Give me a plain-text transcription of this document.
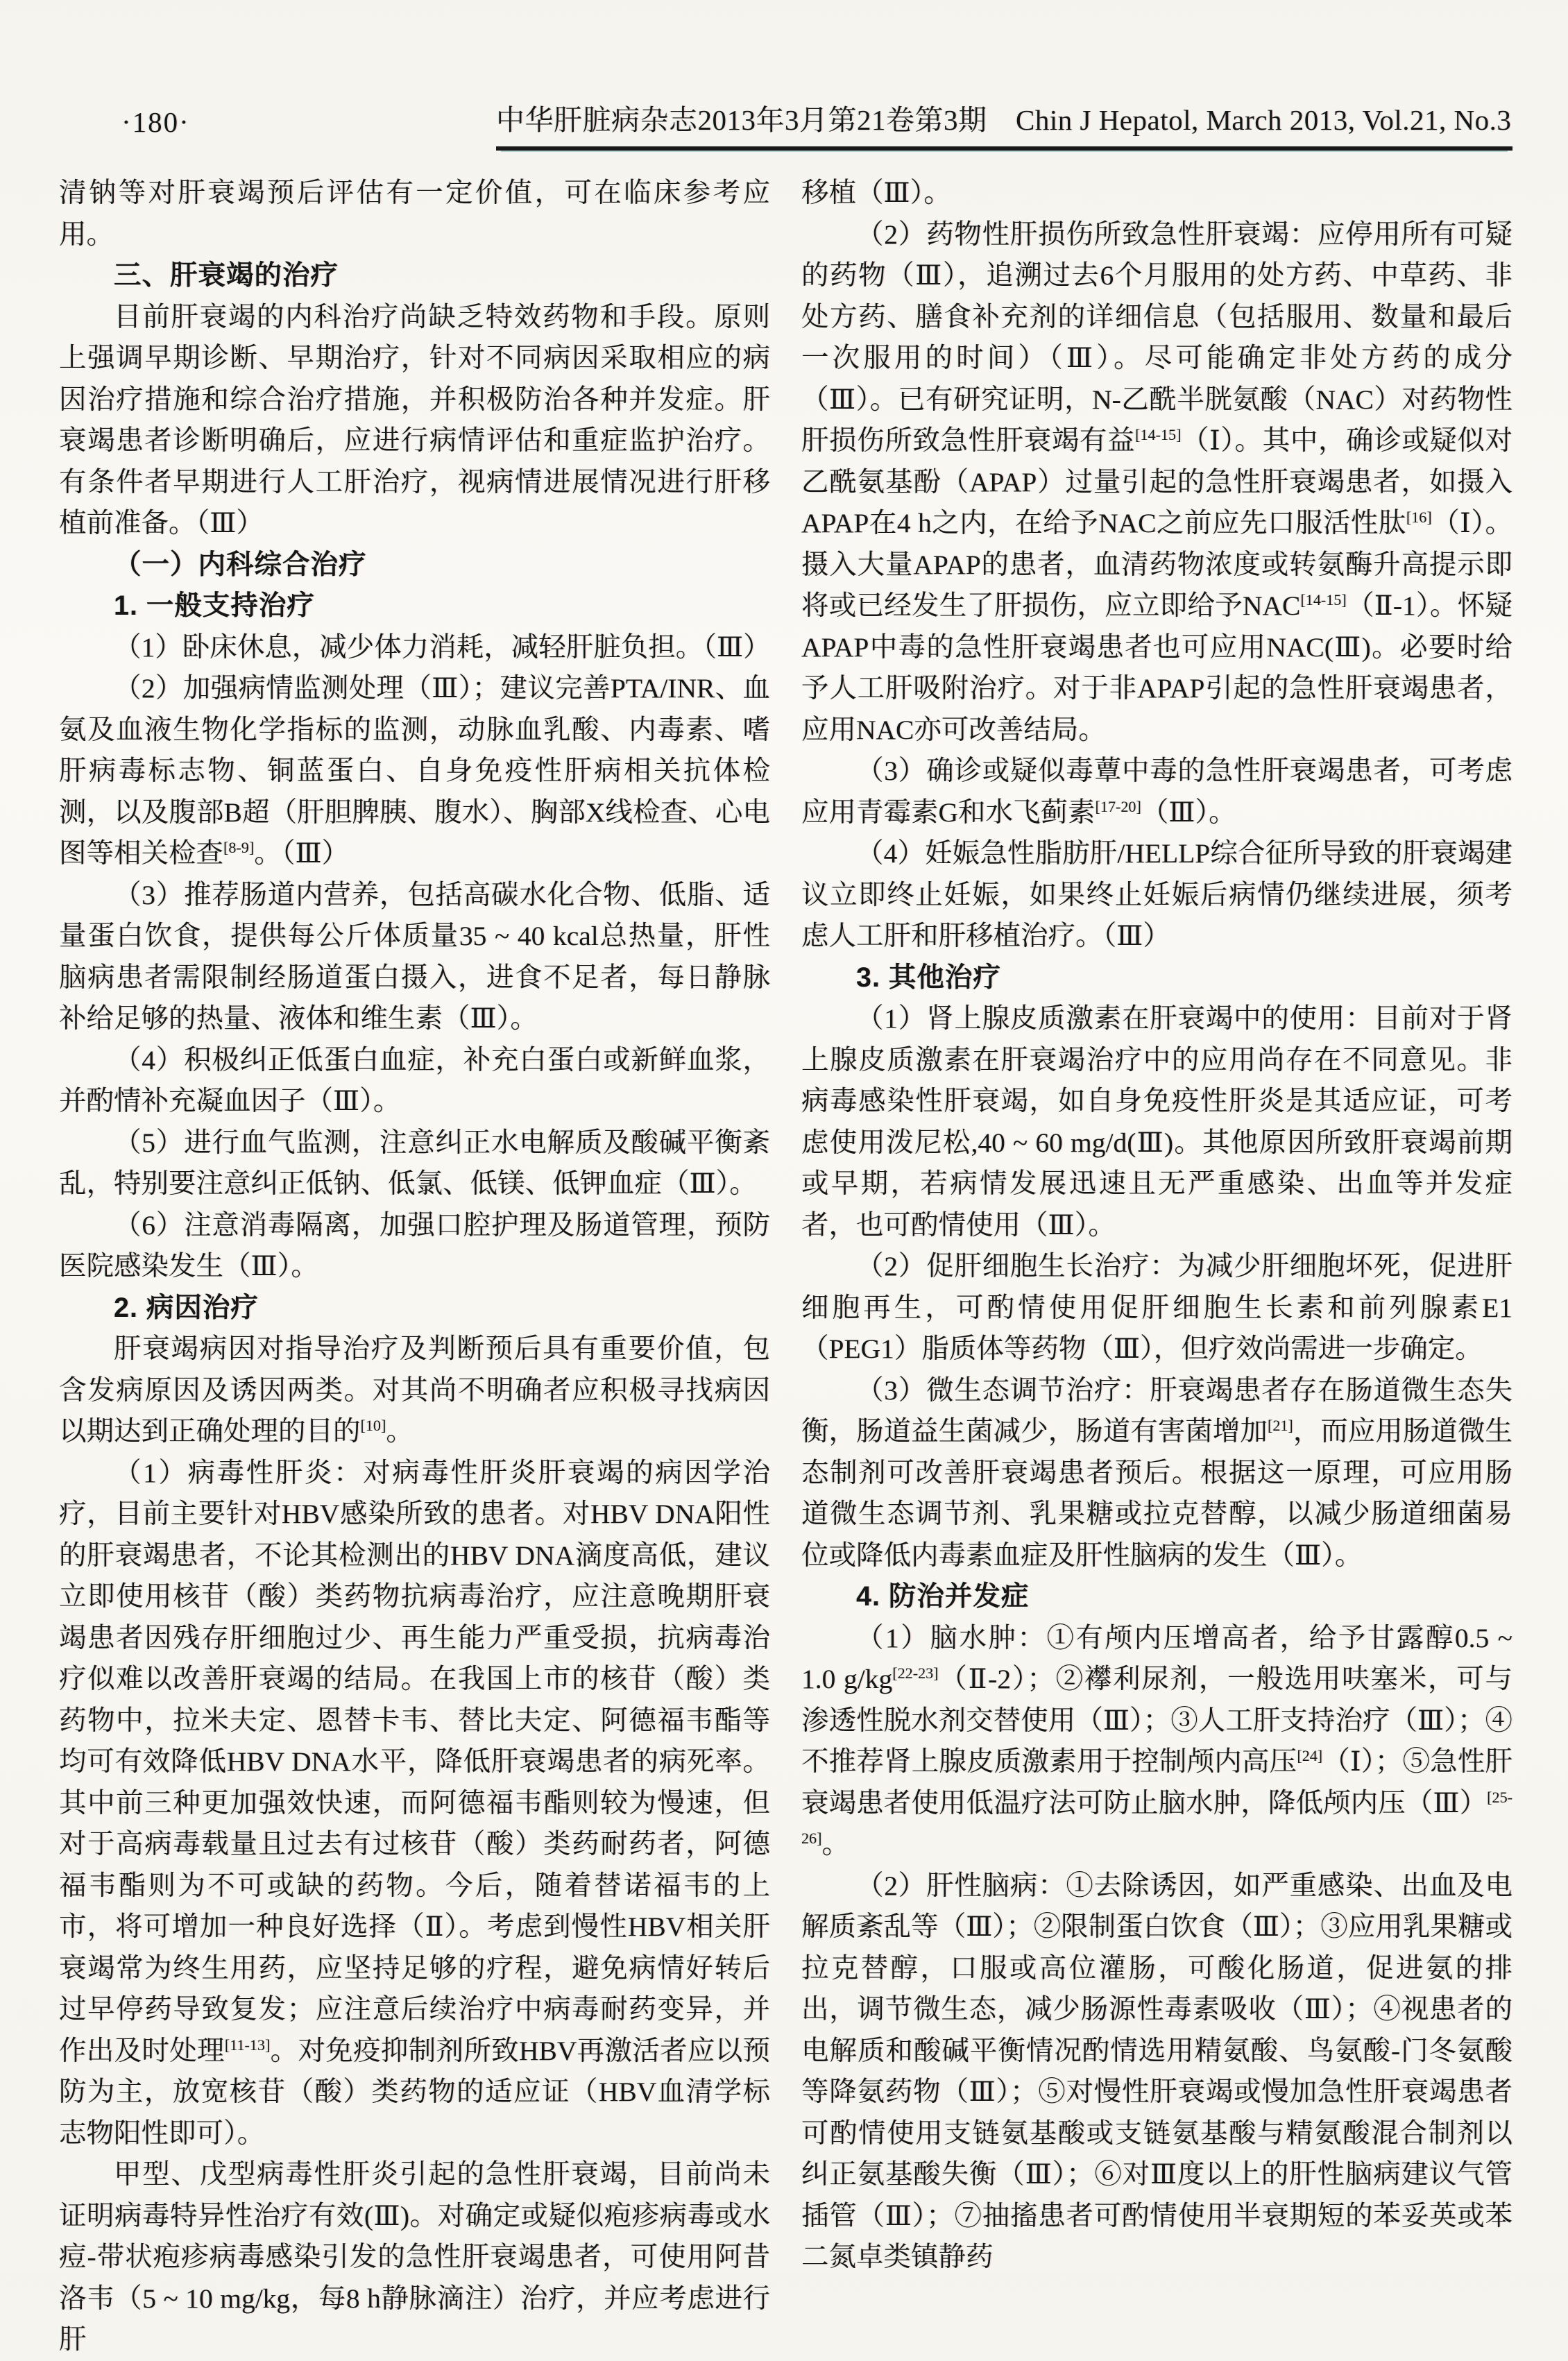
·180·	中华肝脏病杂志2013年3月第21卷第3期　Chin J Hepatol, March 2013, Vol.21, No.3

清钠等对肝衰竭预后评估有一定价值，可在临床参考应用。

三、肝衰竭的治疗

目前肝衰竭的内科治疗尚缺乏特效药物和手段。原则上强调早期诊断、早期治疗，针对不同病因采取相应的病因治疗措施和综合治疗措施，并积极防治各种并发症。肝衰竭患者诊断明确后，应进行病情评估和重症监护治疗。有条件者早期进行人工肝治疗，视病情进展情况进行肝移植前准备。（Ⅲ）

（一）内科综合治疗

1. 一般支持治疗

（1）卧床休息，减少体力消耗，减轻肝脏负担。（Ⅲ）

（2）加强病情监测处理（Ⅲ）；建议完善PTA/INR、血氨及血液生物化学指标的监测，动脉血乳酸、内毒素、嗜肝病毒标志物、铜蓝蛋白、自身免疫性肝病相关抗体检测，以及腹部B超（肝胆脾胰、腹水）、胸部X线检查、心电图等相关检查[8-9]。（Ⅲ）

（3）推荐肠道内营养，包括高碳水化合物、低脂、适量蛋白饮食，提供每公斤体质量35 ~ 40 kcal总热量，肝性脑病患者需限制经肠道蛋白摄入，进食不足者，每日静脉补给足够的热量、液体和维生素（Ⅲ）。

（4）积极纠正低蛋白血症，补充白蛋白或新鲜血浆，并酌情补充凝血因子（Ⅲ）。

（5）进行血气监测，注意纠正水电解质及酸碱平衡紊乱，特别要注意纠正低钠、低氯、低镁、低钾血症（Ⅲ）。

（6）注意消毒隔离，加强口腔护理及肠道管理，预防医院感染发生（Ⅲ）。

2. 病因治疗

肝衰竭病因对指导治疗及判断预后具有重要价值，包含发病原因及诱因两类。对其尚不明确者应积极寻找病因以期达到正确处理的目的[10]。

（1）病毒性肝炎：对病毒性肝炎肝衰竭的病因学治疗，目前主要针对HBV感染所致的患者。对HBV DNA阳性的肝衰竭患者，不论其检测出的HBV DNA滴度高低，建议立即使用核苷（酸）类药物抗病毒治疗，应注意晚期肝衰竭患者因残存肝细胞过少、再生能力严重受损，抗病毒治疗似难以改善肝衰竭的结局。在我国上市的核苷（酸）类药物中，拉米夫定、恩替卡韦、替比夫定、阿德福韦酯等均可有效降低HBV DNA水平，降低肝衰竭患者的病死率。其中前三种更加强效快速，而阿德福韦酯则较为慢速，但对于高病毒载量且过去有过核苷（酸）类药耐药者，阿德福韦酯则为不可或缺的药物。今后，随着替诺福韦的上市，将可增加一种良好选择（Ⅱ）。考虑到慢性HBV相关肝衰竭常为终生用药，应坚持足够的疗程，避免病情好转后过早停药导致复发；应注意后续治疗中病毒耐药变异，并作出及时处理[11-13]。对免疫抑制剂所致HBV再激活者应以预防为主，放宽核苷（酸）类药物的适应证（HBV血清学标志物阳性即可）。

甲型、戊型病毒性肝炎引起的急性肝衰竭，目前尚未证明病毒特异性治疗有效(Ⅲ)。对确定或疑似疱疹病毒或水痘-带状疱疹病毒感染引发的急性肝衰竭患者，可使用阿昔洛韦（5 ~ 10 mg/kg，每8 h静脉滴注）治疗，并应考虑进行肝

移植（Ⅲ）。

（2）药物性肝损伤所致急性肝衰竭：应停用所有可疑的药物（Ⅲ），追溯过去6个月服用的处方药、中草药、非处方药、膳食补充剂的详细信息（包括服用、数量和最后一次服用的时间）（Ⅲ）。尽可能确定非处方药的成分（Ⅲ）。已有研究证明，N-乙酰半胱氨酸（NAC）对药物性肝损伤所致急性肝衰竭有益[14-15]（Ⅰ）。其中，确诊或疑似对乙酰氨基酚（APAP）过量引起的急性肝衰竭患者，如摄入APAP在4 h之内，在给予NAC之前应先口服活性肽[16]（Ⅰ）。摄入大量APAP的患者，血清药物浓度或转氨酶升高提示即将或已经发生了肝损伤，应立即给予NAC[14-15]（Ⅱ-1）。怀疑APAP中毒的急性肝衰竭患者也可应用NAC(Ⅲ)。必要时给予人工肝吸附治疗。对于非APAP引起的急性肝衰竭患者，应用NAC亦可改善结局。

（3）确诊或疑似毒蕈中毒的急性肝衰竭患者，可考虑应用青霉素G和水飞蓟素[17-20]（Ⅲ）。

（4）妊娠急性脂肪肝/HELLP综合征所导致的肝衰竭建议立即终止妊娠，如果终止妊娠后病情仍继续进展，须考虑人工肝和肝移植治疗。（Ⅲ）

3. 其他治疗

（1）肾上腺皮质激素在肝衰竭中的使用：目前对于肾上腺皮质激素在肝衰竭治疗中的应用尚存在不同意见。非病毒感染性肝衰竭，如自身免疫性肝炎是其适应证，可考虑使用泼尼松,40 ~ 60 mg/d(Ⅲ)。其他原因所致肝衰竭前期或早期，若病情发展迅速且无严重感染、出血等并发症者，也可酌情使用（Ⅲ）。

（2）促肝细胞生长治疗：为减少肝细胞坏死，促进肝细胞再生，可酌情使用促肝细胞生长素和前列腺素E1（PEG1）脂质体等药物（Ⅲ），但疗效尚需进一步确定。

（3）微生态调节治疗：肝衰竭患者存在肠道微生态失衡，肠道益生菌减少，肠道有害菌增加[21]，而应用肠道微生态制剂可改善肝衰竭患者预后。根据这一原理，可应用肠道微生态调节剂、乳果糖或拉克替醇，以减少肠道细菌易位或降低内毒素血症及肝性脑病的发生（Ⅲ）。

4. 防治并发症

（1）脑水肿：①有颅内压增高者，给予甘露醇0.5 ~ 1.0 g/kg[22-23]（Ⅱ-2）；②襻利尿剂，一般选用呋塞米，可与渗透性脱水剂交替使用（Ⅲ）；③人工肝支持治疗（Ⅲ）；④不推荐肾上腺皮质激素用于控制颅内高压[24]（Ⅰ）；⑤急性肝衰竭患者使用低温疗法可防止脑水肿，降低颅内压（Ⅲ）[25-26]。

（2）肝性脑病：①去除诱因，如严重感染、出血及电解质紊乱等（Ⅲ）；②限制蛋白饮食（Ⅲ）；③应用乳果糖或拉克替醇，口服或高位灌肠，可酸化肠道，促进氨的排出，调节微生态，减少肠源性毒素吸收（Ⅲ）；④视患者的电解质和酸碱平衡情况酌情选用精氨酸、鸟氨酸-门冬氨酸等降氨药物（Ⅲ）；⑤对慢性肝衰竭或慢加急性肝衰竭患者可酌情使用支链氨基酸或支链氨基酸与精氨酸混合制剂以纠正氨基酸失衡（Ⅲ）；⑥对Ⅲ度以上的肝性脑病建议气管插管（Ⅲ）；⑦抽搐患者可酌情使用半衰期短的苯妥英或苯二氮卓类镇静药
